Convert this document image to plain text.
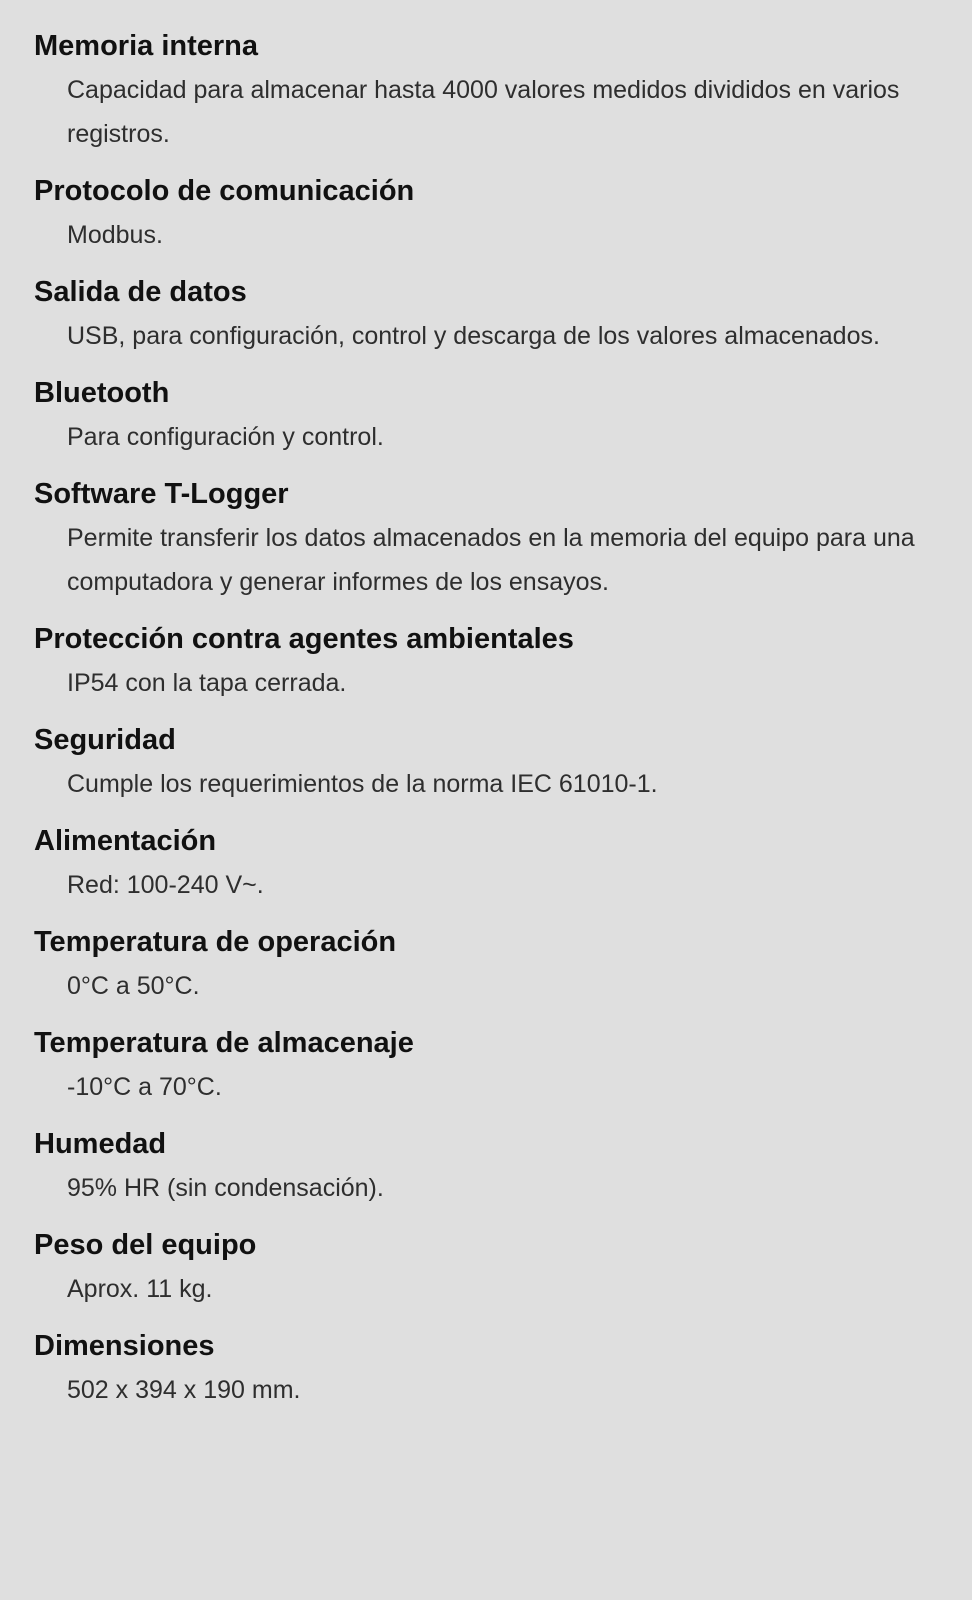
Memoria interna
Capacidad para almacenar hasta 4000 valores medidos divididos en varios registros.
Protocolo de comunicación
Modbus.
Salida de datos
USB, para configuración, control y descarga de los valores almacenados.
Bluetooth
Para configuración y control.
Software T-Logger
Permite transferir los datos almacenados en la memoria del equipo para una computadora y generar informes de los ensayos.
Protección contra agentes ambientales
IP54 con la tapa cerrada.
Seguridad
Cumple los requerimientos de la norma IEC 61010-1.
Alimentación
Red: 100-240 V~.
Temperatura de operación
0°C a 50°C.
Temperatura de almacenaje
-10°C a 70°C.
Humedad
95% HR (sin condensación).
Peso del equipo
Aprox. 11 kg.
Dimensiones
502 x 394 x 190 mm.
